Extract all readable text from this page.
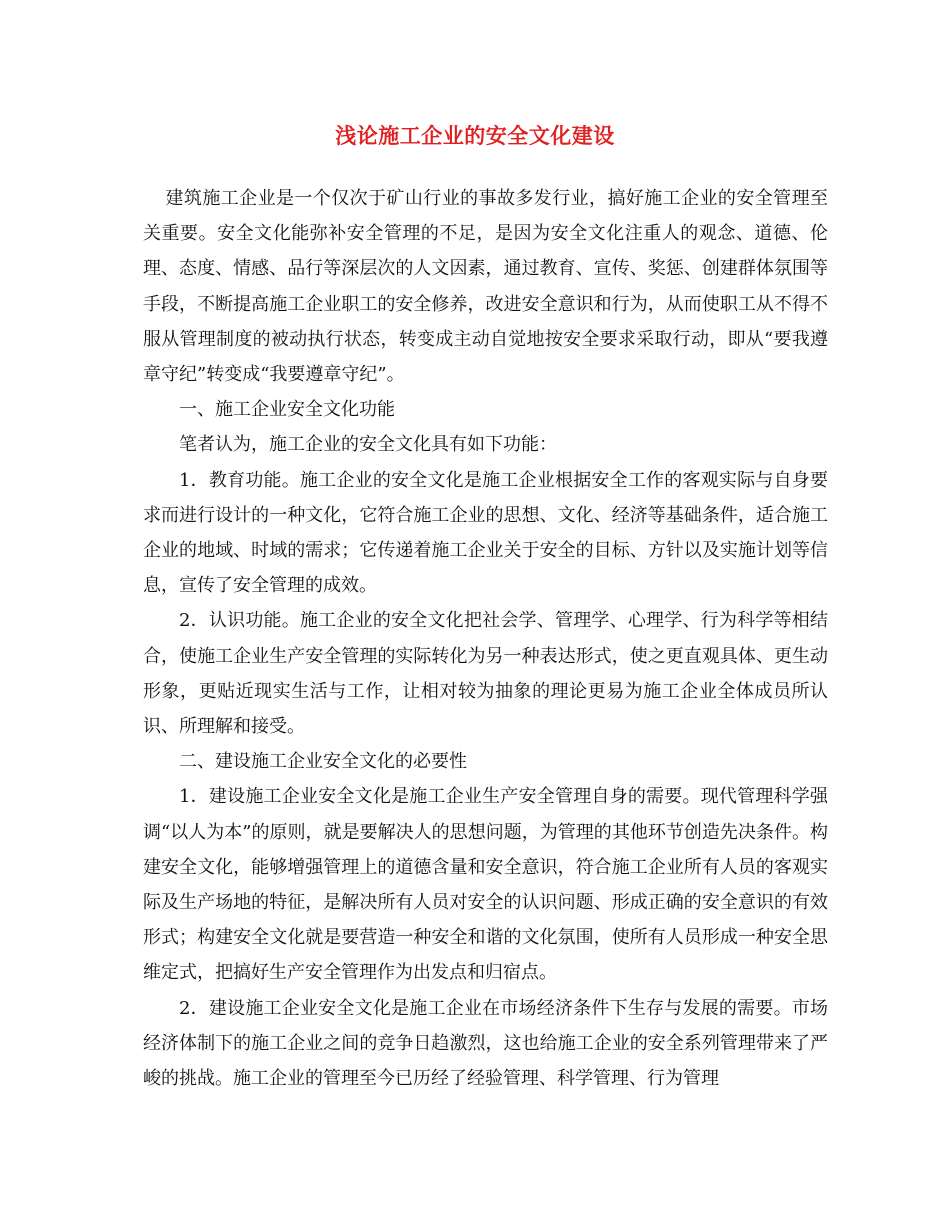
浅论施工企业的安全文化建设

建筑施工企业是一个仅次于矿山行业的事故多发行业，搞好施工企业的安全管理至关重要。安全文化能弥补安全管理的不足，是因为安全文化注重人的观念、道德、伦理、态度、情感、品行等深层次的人文因素，通过教育、宣传、奖惩、创建群体氛围等手段，不断提高施工企业职工的安全修养，改进安全意识和行为，从而使职工从不得不服从管理制度的被动执行状态，转变成主动自觉地按安全要求采取行动，即从“要我遵章守纪”转变成“我要遵章守纪”。

一、施工企业安全文化功能

笔者认为，施工企业的安全文化具有如下功能：

1．教育功能。施工企业的安全文化是施工企业根据安全工作的客观实际与自身要求而进行设计的一种文化，它符合施工企业的思想、文化、经济等基础条件，适合施工企业的地域、时域的需求；它传递着施工企业关于安全的目标、方针以及实施计划等信息，宣传了安全管理的成效。

2．认识功能。施工企业的安全文化把社会学、管理学、心理学、行为科学等相结合，使施工企业生产安全管理的实际转化为另一种表达形式，使之更直观具体、更生动形象，更贴近现实生活与工作，让相对较为抽象的理论更易为施工企业全体成员所认识、所理解和接受。

二、建设施工企业安全文化的必要性

1．建设施工企业安全文化是施工企业生产安全管理自身的需要。现代管理科学强调“以人为本”的原则，就是要解决人的思想问题，为管理的其他环节创造先决条件。构建安全文化，能够增强管理上的道德含量和安全意识，符合施工企业所有人员的客观实际及生产场地的特征，是解决所有人员对安全的认识问题、形成正确的安全意识的有效形式；构建安全文化就是要营造一种安全和谐的文化氛围，使所有人员形成一种安全思维定式，把搞好生产安全管理作为出发点和归宿点。

2．建设施工企业安全文化是施工企业在市场经济条件下生存与发展的需要。市场经济体制下的施工企业之间的竞争日趋激烈，这也给施工企业的安全系列管理带来了严峻的挑战。施工企业的管理至今已历经了经验管理、科学管理、行为管理
